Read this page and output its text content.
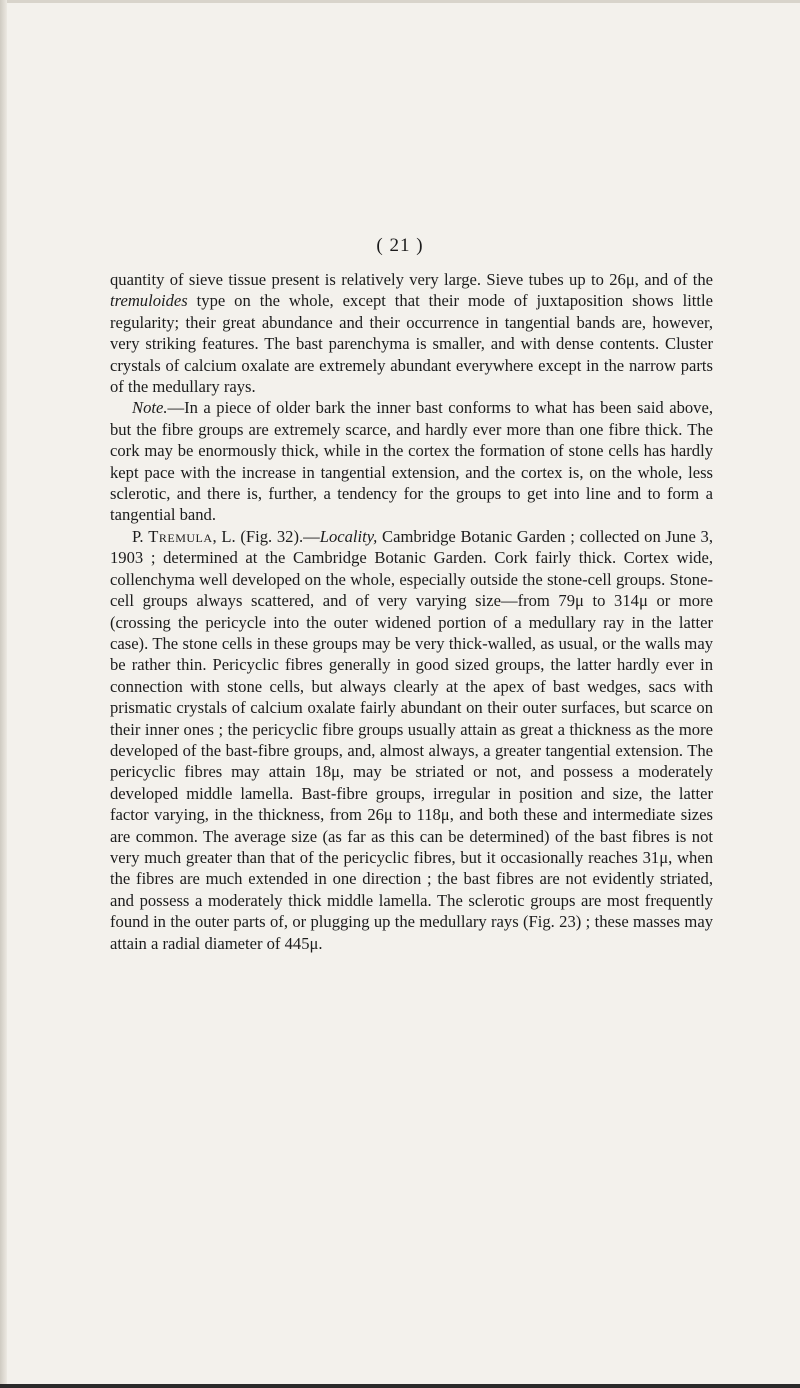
( 21 )

quantity of sieve tissue present is relatively very large. Sieve tubes up to 26μ, and of the tremuloides type on the whole, except that their mode of juxtaposition shows little regularity; their great abundance and their occurrence in tangential bands are, however, very striking features. The bast parenchyma is smaller, and with dense contents. Cluster crystals of calcium oxalate are extremely abundant everywhere except in the narrow parts of the medullary rays.

Note.—In a piece of older bark the inner bast conforms to what has been said above, but the fibre groups are extremely scarce, and hardly ever more than one fibre thick. The cork may be enormously thick, while in the cortex the formation of stone cells has hardly kept pace with the increase in tangential extension, and the cortex is, on the whole, less sclerotic, and there is, further, a tendency for the groups to get into line and to form a tangential band.

P. Tremula, L. (Fig. 32).—Locality, Cambridge Botanic Garden ; collected on June 3, 1903 ; determined at the Cambridge Botanic Garden. Cork fairly thick. Cortex wide, collenchyma well developed on the whole, especially outside the stone-cell groups. Stone-cell groups always scattered, and of very varying size—from 79μ to 314μ or more (crossing the pericycle into the outer widened portion of a medullary ray in the latter case). The stone cells in these groups may be very thick-walled, as usual, or the walls may be rather thin. Pericyclic fibres generally in good sized groups, the latter hardly ever in connection with stone cells, but always clearly at the apex of bast wedges, sacs with prismatic crystals of calcium oxalate fairly abundant on their outer surfaces, but scarce on their inner ones ; the pericyclic fibre groups usually attain as great a thickness as the more developed of the bast-fibre groups, and, almost always, a greater tangential extension. The pericyclic fibres may attain 18μ, may be striated or not, and possess a moderately developed middle lamella. Bast-fibre groups, irregular in position and size, the latter factor varying, in the thickness, from 26μ to 118μ, and both these and intermediate sizes are common. The average size (as far as this can be determined) of the bast fibres is not very much greater than that of the pericyclic fibres, but it occasionally reaches 31μ, when the fibres are much extended in one direction ; the bast fibres are not evidently striated, and possess a moderately thick middle lamella. The sclerotic groups are most frequently found in the outer parts of, or plugging up the medullary rays (Fig. 23) ; these masses may attain a radial diameter of 445μ.
